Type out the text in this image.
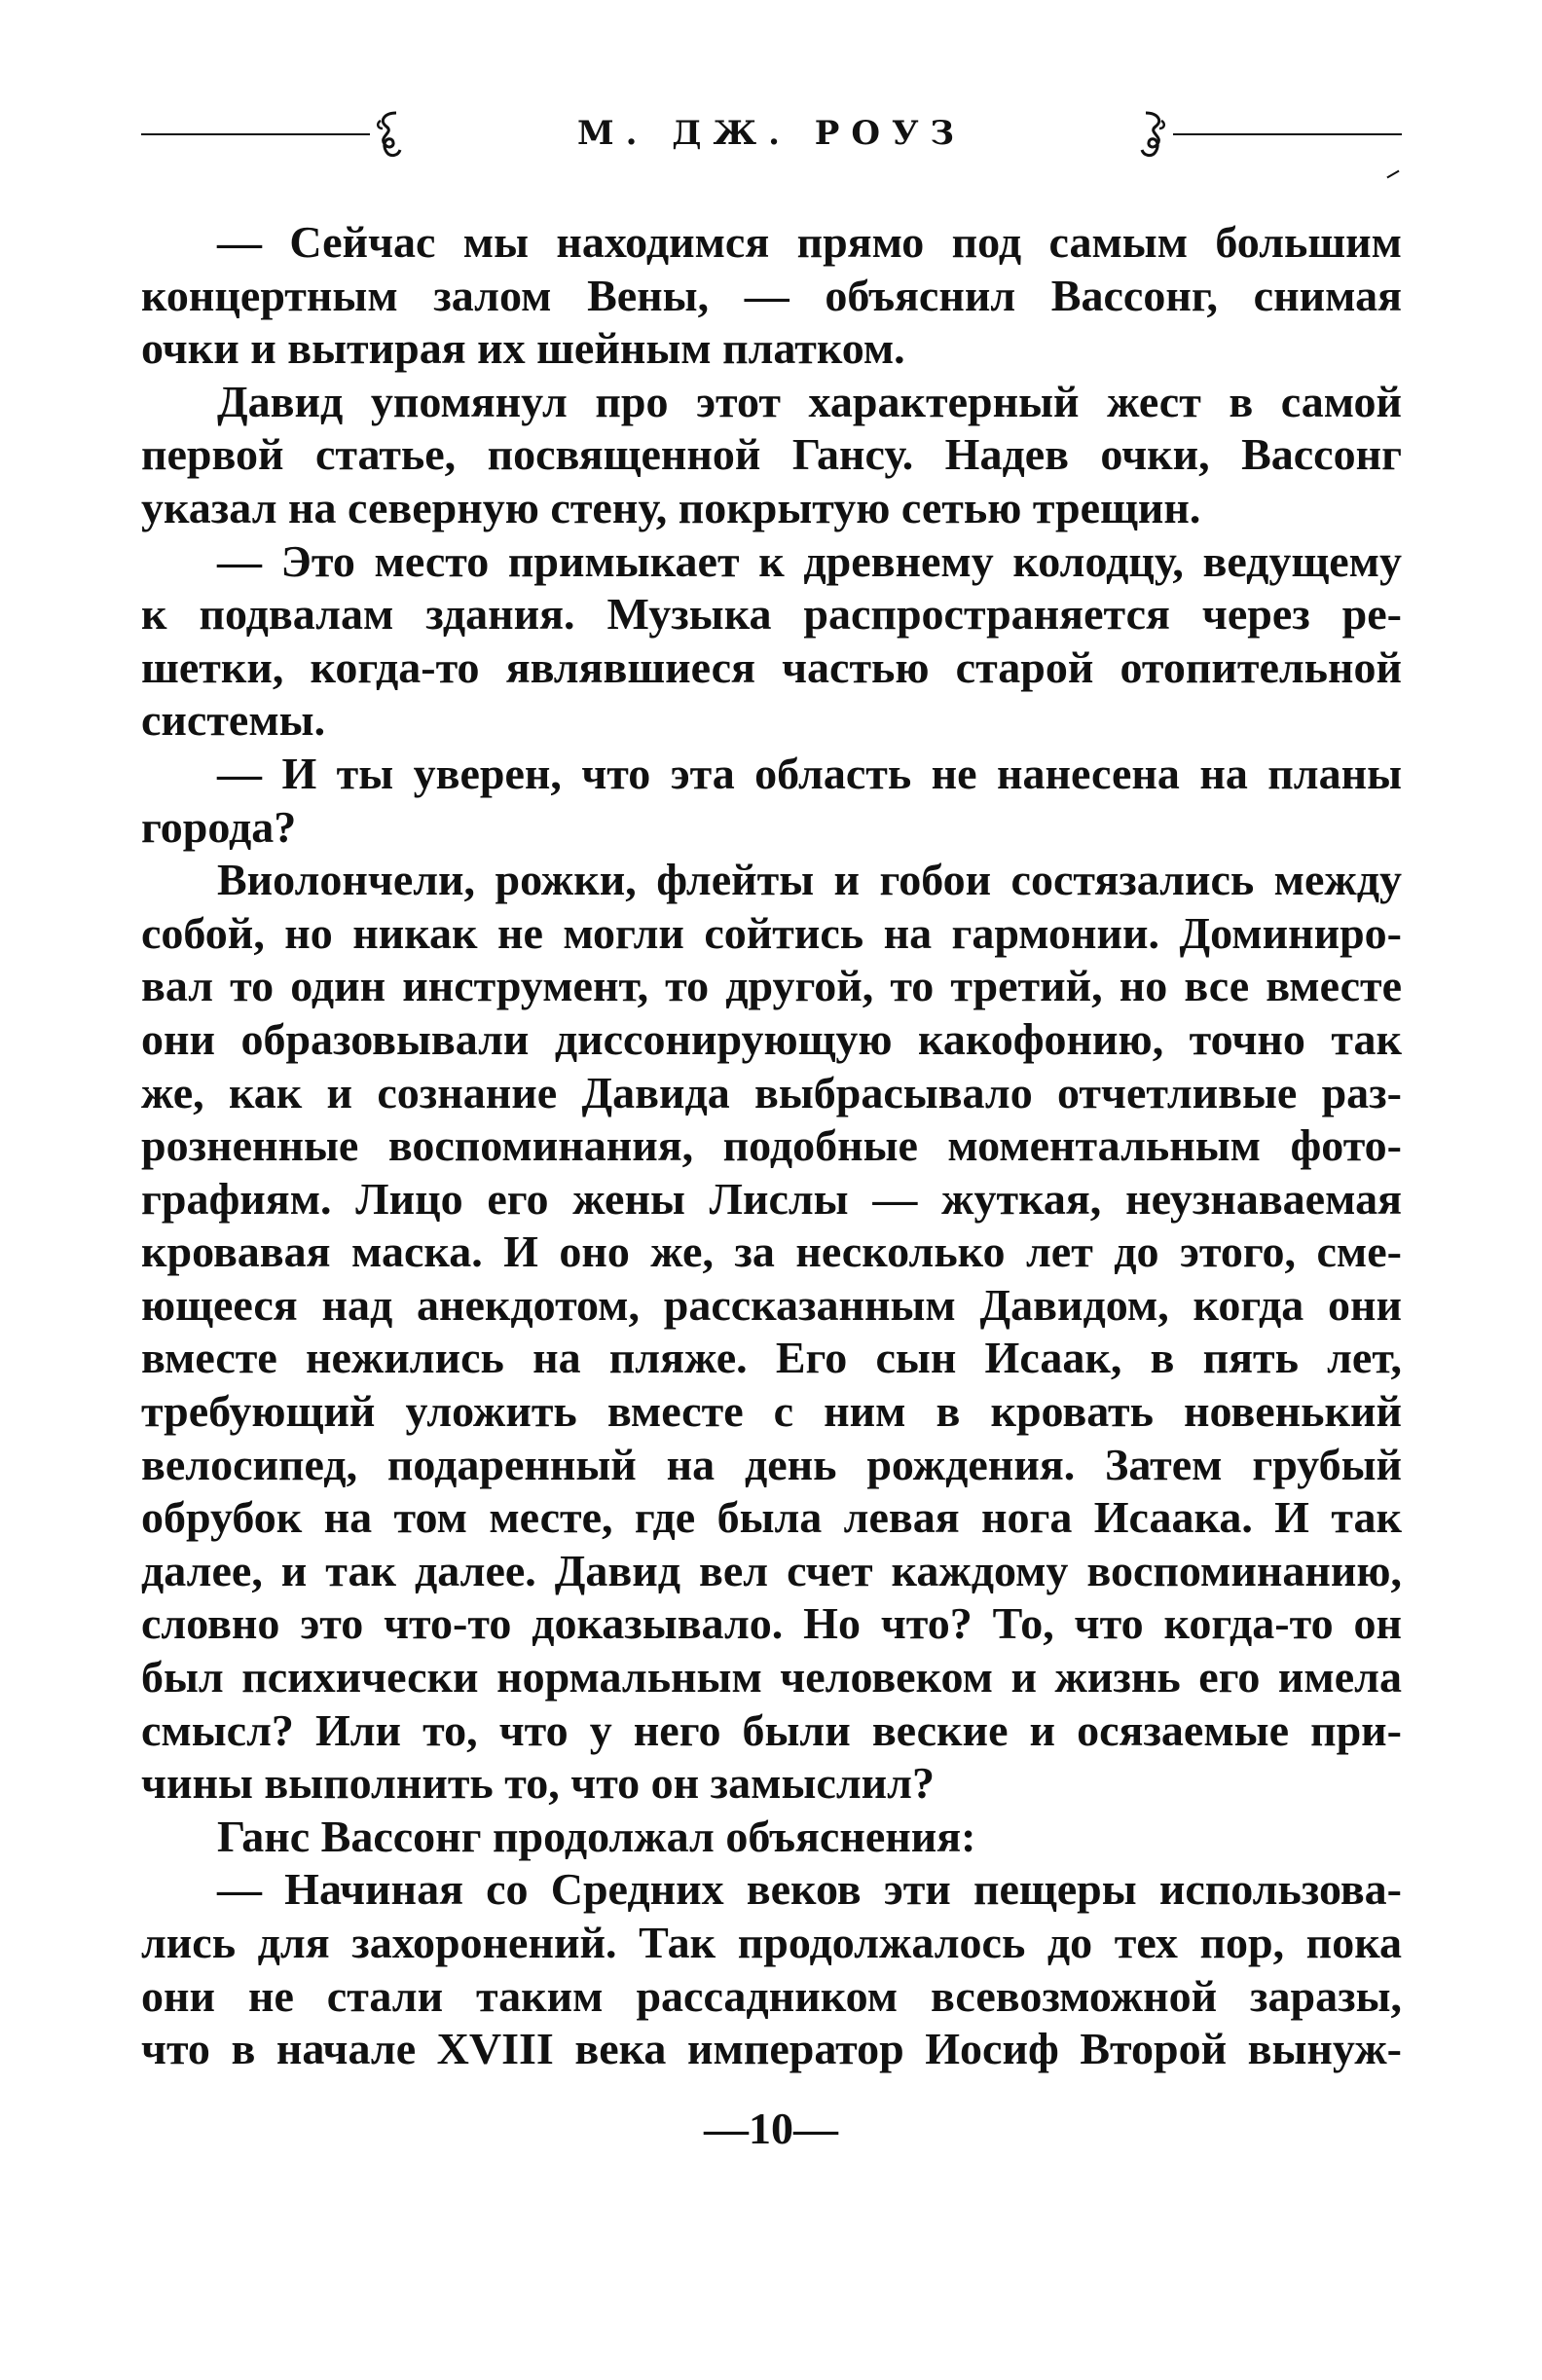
М. ДЖ. РОУЗ

— Сейчас мы находимся прямо под самым большим
концертным залом Вены, — объяснил Вассонг, снимая
очки и вытирая их шейным платком.

Давид упомянул про этот характерный жест в самой
первой статье, посвященной Гансу. Надев очки, Вассонг
указал на северную стену, покрытую сетью трещин.

— Это место примыкает к древнему колодцу, ведущему
к подвалам здания. Музыка распространяется через ре-
шетки, когда-то являвшиеся частью старой отопительной
системы.

— И ты уверен, что эта область не нанесена на планы
города?

Виолончели, рожки, флейты и гобои состязались между
собой, но никак не могли сойтись на гармонии. Доминиро-
вал то один инструмент, то другой, то третий, но все вместе
они образовывали диссонирующую какофонию, точно так
же, как и сознание Давида выбрасывало отчетливые раз-
розненные воспоминания, подобные моментальным фото-
графиям. Лицо его жены Лислы — жуткая, неузнаваемая
кровавая маска. И оно же, за несколько лет до этого, сме-
ющееся над анекдотом, рассказанным Давидом, когда они
вместе нежились на пляже. Его сын Исаак, в пять лет,
требующий уложить вместе с ним в кровать новенький
велосипед, подаренный на день рождения. Затем грубый
обрубок на том месте, где была левая нога Исаака. И так
далее, и так далее. Давид вел счет каждому воспоминанию,
словно это что-то доказывало. Но что? То, что когда-то он
был психически нормальным человеком и жизнь его имела
смысл? Или то, что у него были веские и осязаемые при-
чины выполнить то, что он замыслил?

Ганс Вассонг продолжал объяснения:

— Начиная со Средних веков эти пещеры использова-
лись для захоронений. Так продолжалось до тех пор, пока
они не стали таким рассадником всевозможной заразы,
что в начале XVIII века император Иосиф Второй вынуж-

—10—
